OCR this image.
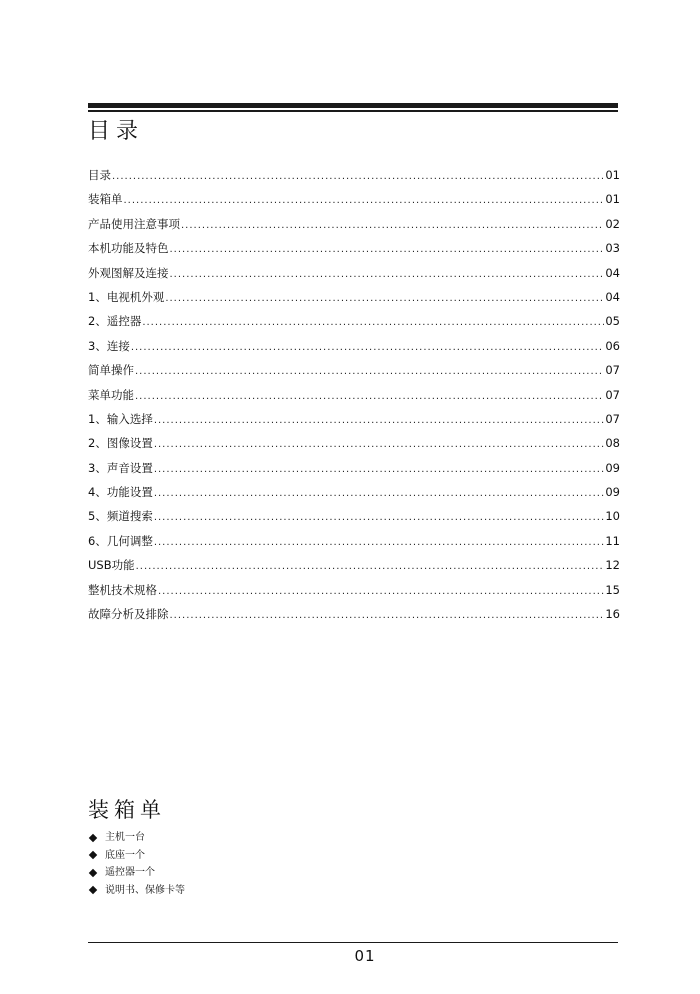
目录
目录 .....	01
装箱单 .....	01
产品使用注意事项 .....	02
本机功能及特色 .....	03
外观图解及连接 .....	04
1、电视机外观 .....	04
2、遥控器 .....	05
3、连接 .....	06
简单操作 .....	07
菜单功能 .....	07
1、输入选择 .....	07
2、图像设置 .....	08
3、声音设置 .....	09
4、功能设置 .....	09
5、频道搜索 .....	10
6、几何调整 .....	11
USB功能 .....	12
整机技术规格 .....	15
故障分析及排除 .....	16
装箱单
主机一台
底座一个
遥控器一个
说明书、保修卡等
01
